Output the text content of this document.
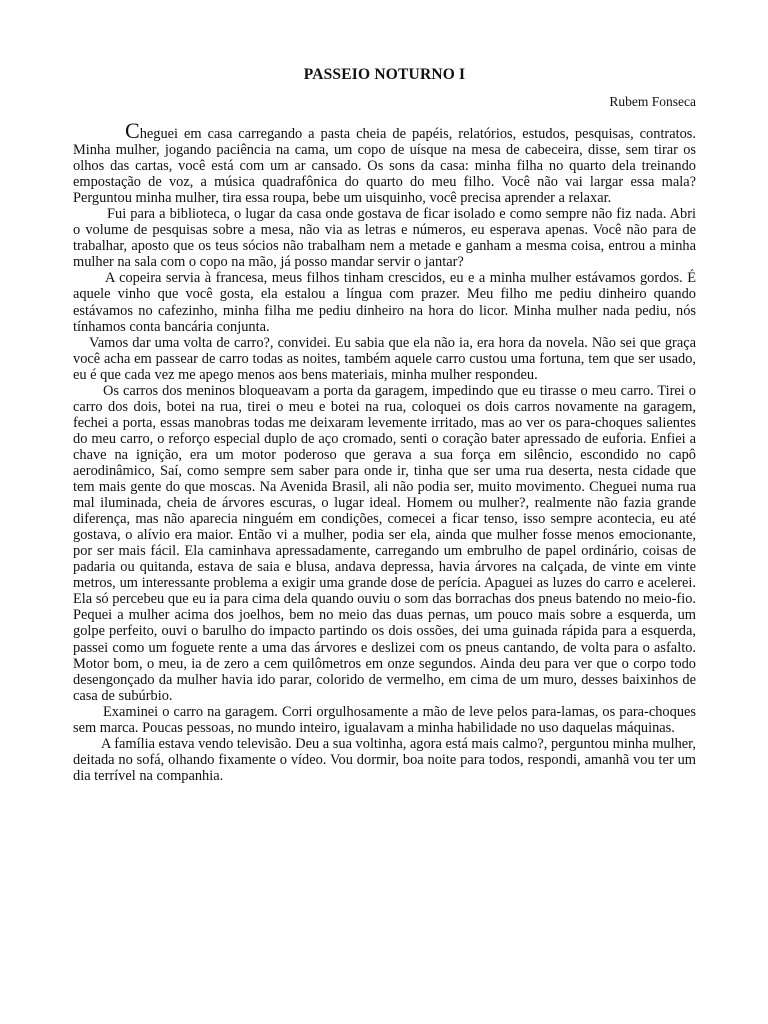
PASSEIO NOTURNO I
Rubem Fonseca

Cheguei em casa carregando a pasta cheia de papéis, relatórios, estudos, pesquisas, contratos. Minha mulher, jogando paciência na cama, um copo de uísque na mesa de cabeceira, disse, sem tirar os olhos das cartas, você está com um ar cansado. Os sons da casa: minha filha no quarto dela treinando empostação de voz, a música quadrafônica do quarto do meu filho. Você não vai largar essa mala? Perguntou minha mulher, tira essa roupa, bebe um uisquinho, você precisa aprender a relaxar.

Fui para a biblioteca, o lugar da casa onde gostava de ficar isolado e como sempre não fiz nada. Abri o volume de pesquisas sobre a mesa, não via as letras e números, eu esperava apenas. Você não para de trabalhar, aposto que os teus sócios não trabalham nem a metade e ganham a mesma coisa, entrou a minha mulher na sala com o copo na mão, já posso mandar servir o jantar?

A copeira servia à francesa, meus filhos tinham crescidos, eu e a minha mulher estávamos gordos. É aquele vinho que você gosta, ela estalou a língua com prazer. Meu filho me pediu dinheiro quando estávamos no cafezinho, minha filha me pediu dinheiro na hora do licor. Minha mulher nada pediu, nós tínhamos conta bancária conjunta.

Vamos dar uma volta de carro?, convidei. Eu sabia que ela não ia, era hora da novela. Não sei que graça você acha em passear de carro todas as noites, também aquele carro custou uma fortuna, tem que ser usado, eu é que cada vez me apego menos aos bens materiais, minha mulher respondeu.

Os carros dos meninos bloqueavam a porta da garagem, impedindo que eu tirasse o meu carro. Tirei o carro dos dois, botei na rua, tirei o meu e botei na rua, coloquei os dois carros novamente na garagem, fechei a porta, essas manobras todas me deixaram levemente irritado, mas ao ver os para-choques salientes do meu carro, o reforço especial duplo de aço cromado, senti o coração bater apressado de euforia. Enfiei a chave na ignição, era um motor poderoso que gerava a sua força em silêncio, escondido no capô aerodinâmico, Saí, como sempre sem saber para onde ir, tinha que ser uma rua deserta, nesta cidade que tem mais gente do que moscas. Na Avenida Brasil, ali não podia ser, muito movimento. Cheguei numa rua mal iluminada, cheia de árvores escuras, o lugar ideal. Homem ou mulher?, realmente não fazia grande diferença, mas não aparecia ninguém em condições, comecei a ficar tenso, isso sempre acontecia, eu até gostava, o alívio era maior. Então vi a mulher, podia ser ela, ainda que mulher fosse menos emocionante, por ser mais fácil. Ela caminhava apressadamente, carregando um embrulho de papel ordinário, coisas de padaria ou quitanda, estava de saia e blusa, andava depressa, havia árvores na calçada, de vinte em vinte metros, um interessante problema a exigir uma grande dose de perícia. Apaguei as luzes do carro e acelerei. Ela só percebeu que eu ia para cima dela quando ouviu o som das borrachas dos pneus batendo no meio-fio. Pequei a mulher acima dos joelhos, bem no meio das duas pernas, um pouco mais sobre a esquerda, um golpe perfeito, ouvi o barulho do impacto partindo os dois ossões, dei uma guinada rápida para a esquerda, passei como um foguete rente a uma das árvores e deslizei com os pneus cantando, de volta para o asfalto. Motor bom, o meu, ia de zero a cem quilômetros em onze segundos. Ainda deu para ver que o corpo todo desengonçado da mulher havia ido parar, colorido de vermelho, em cima de um muro, desses baixinhos de casa de subúrbio.

Examinei o carro na garagem. Corri orgulhosamente a mão de leve pelos para-lamas, os para-choques sem marca. Poucas pessoas, no mundo inteiro, igualavam a minha habilidade no uso daquelas máquinas.

A família estava vendo televisão. Deu a sua voltinha, agora está mais calmo?, perguntou minha mulher, deitada no sofá, olhando fixamente o vídeo. Vou dormir, boa noite para todos, respondi, amanhã vou ter um dia terrível na companhia.
